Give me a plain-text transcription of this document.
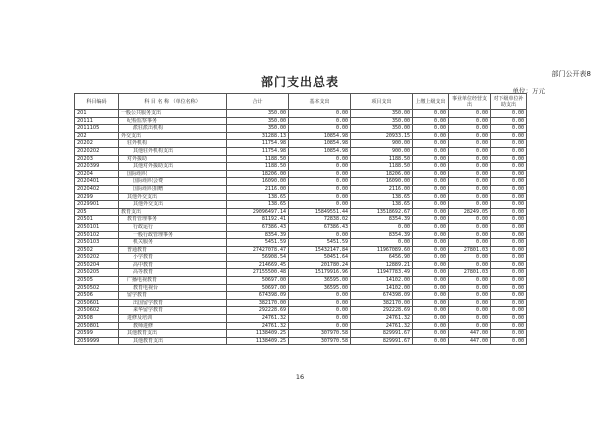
部门公开表8
部门支出总表
单位：万元
科目编码	科 目 名 称 （单位名称）	合计	基本支出	项目支出	上缴上级支出	事业单位经营支出	对下级单位补助支出
201	一般公共服务支出	350.00	0.00	350.00	0.00	0.00	0.00
20111	纪检监察事务	350.00	0.00	350.00	0.00	0.00	0.00
2011105	派驻派出机构	350.00	0.00	350.00	0.00	0.00	0.00
202	外交支出	31288.13	10854.98	20933.15	0.00	0.00	0.00
20202	驻外机构	11754.98	10854.98	900.00	0.00	0.00	0.00
2020202	其他驻外机构支出	11754.98	10854.98	900.00	0.00	0.00	0.00
20203	对外援助	1188.50	0.00	1188.50	0.00	0.00	0.00
2020399	其他对外援助支出	1188.50	0.00	1188.50	0.00	0.00	0.00
20204	国际组织	18206.00	0.00	18206.00	0.00	0.00	0.00
2020401	国际组织会费	16090.00	0.00	16090.00	0.00	0.00	0.00
2020402	国际组织捐赠	2116.00	0.00	2116.00	0.00	0.00	0.00
20299	其他外交支出	138.65	0.00	138.65	0.00	0.00	0.00
2029901	其他外交支出	138.65	0.00	138.65	0.00	0.00	0.00
205	教育支出	29096497.14	15849551.44	13518692.67	0.00	28249.05	0.00
20501	教育管理事务	81192.41	72838.02	8354.39	0.00	0.00	0.00
2050101	行政运行	67386.43	67386.43	0.00	0.00	0.00	0.00
2050102	一般行政管理事务	8354.39	0.00	8354.39	0.00	0.00	0.00
2050103	机关服务	5451.59	5451.59	0.00	0.00	0.00	0.00
20502	普通教育	27427078.47	15432147.84	11967089.60	0.00	27801.03	0.00
2050202	小学教育	56908.54	50451.64	6456.90	0.00	0.00	0.00
2050204	高中教育	214669.45	201780.24	12889.21	0.00	0.00	0.00
2050205	高等教育	27155500.48	15179916.96	11947783.49	0.00	27801.03	0.00
20505	广播电视教育	50697.00	36595.00	14102.00	0.00	0.00	0.00
2050502	教育电视台	50697.00	36595.00	14102.00	0.00	0.00	0.00
20506	留学教育	674398.09	0.00	674398.09	0.00	0.00	0.00
2050601	出国留学教育	382170.00	0.00	382170.00	0.00	0.00	0.00
2050602	来华留学教育	292228.69	0.00	292228.69	0.00	0.00	0.00
20508	进修及培训	24761.32	0.00	24761.32	0.00	0.00	0.00
2050801	教师进修	24761.32	0.00	24761.32	0.00	0.00	0.00
20599	其他教育支出	1138409.25	307970.58	829991.67	0.00	447.00	0.00
2059999	其他教育支出	1138409.25	307970.58	829991.67	0.00	447.00	0.00
16
